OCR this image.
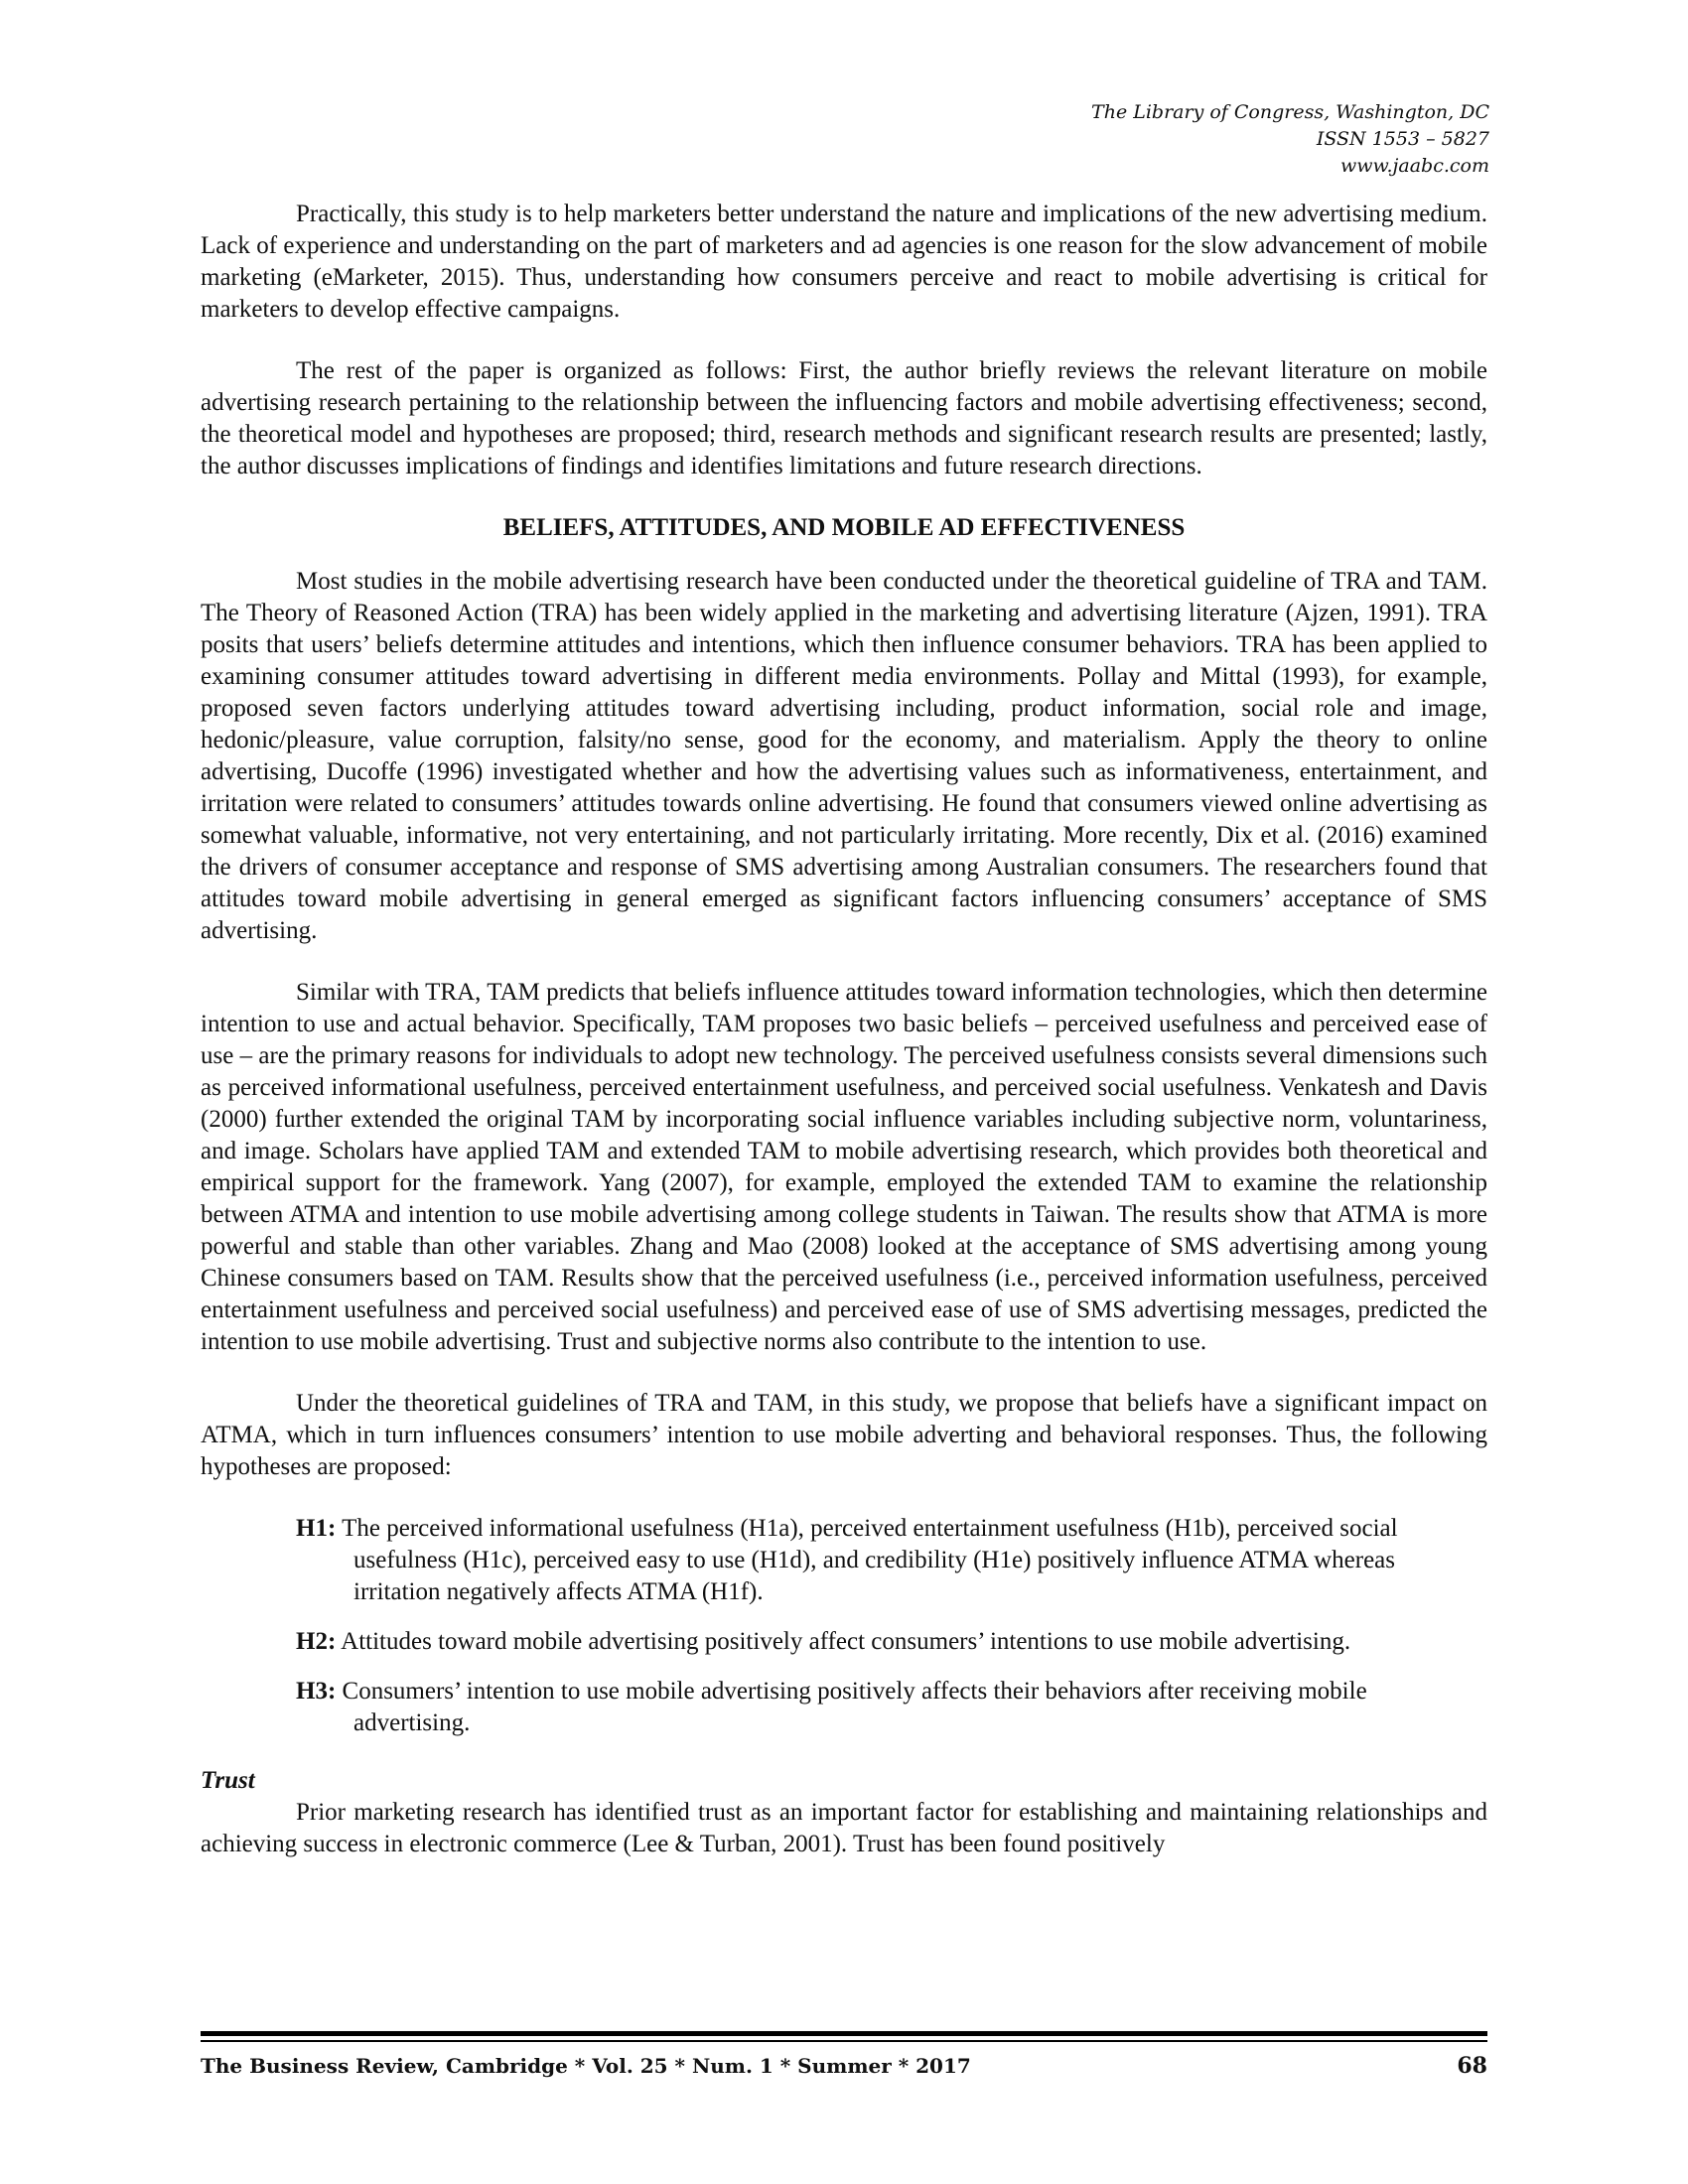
The Library of Congress, Washington, DC
ISSN 1553 – 5827
www.jaabc.com

Practically, this study is to help marketers better understand the nature and implications of the new advertising medium. Lack of experience and understanding on the part of marketers and ad agencies is one reason for the slow advancement of mobile marketing (eMarketer, 2015). Thus, understanding how consumers perceive and react to mobile advertising is critical for marketers to develop effective campaigns.

The rest of the paper is organized as follows: First, the author briefly reviews the relevant literature on mobile advertising research pertaining to the relationship between the influencing factors and mobile advertising effectiveness; second, the theoretical model and hypotheses are proposed; third, research methods and significant research results are presented; lastly, the author discusses implications of findings and identifies limitations and future research directions.

BELIEFS, ATTITUDES, AND MOBILE AD EFFECTIVENESS

Most studies in the mobile advertising research have been conducted under the theoretical guideline of TRA and TAM. The Theory of Reasoned Action (TRA) has been widely applied in the marketing and advertising literature (Ajzen, 1991). TRA posits that users’ beliefs determine attitudes and intentions, which then influence consumer behaviors. TRA has been applied to examining consumer attitudes toward advertising in different media environments. Pollay and Mittal (1993), for example, proposed seven factors underlying attitudes toward advertising including, product information, social role and image, hedonic/pleasure, value corruption, falsity/no sense, good for the economy, and materialism. Apply the theory to online advertising, Ducoffe (1996) investigated whether and how the advertising values such as informativeness, entertainment, and irritation were related to consumers’ attitudes towards online advertising. He found that consumers viewed online advertising as somewhat valuable, informative, not very entertaining, and not particularly irritating. More recently, Dix et al. (2016) examined the drivers of consumer acceptance and response of SMS advertising among Australian consumers. The researchers found that attitudes toward mobile advertising in general emerged as significant factors influencing consumers’ acceptance of SMS advertising.

Similar with TRA, TAM predicts that beliefs influence attitudes toward information technologies, which then determine intention to use and actual behavior. Specifically, TAM proposes two basic beliefs – perceived usefulness and perceived ease of use – are the primary reasons for individuals to adopt new technology. The perceived usefulness consists several dimensions such as perceived informational usefulness, perceived entertainment usefulness, and perceived social usefulness. Venkatesh and Davis (2000) further extended the original TAM by incorporating social influence variables including subjective norm, voluntariness, and image. Scholars have applied TAM and extended TAM to mobile advertising research, which provides both theoretical and empirical support for the framework. Yang (2007), for example, employed the extended TAM to examine the relationship between ATMA and intention to use mobile advertising among college students in Taiwan. The results show that ATMA is more powerful and stable than other variables. Zhang and Mao (2008) looked at the acceptance of SMS advertising among young Chinese consumers based on TAM. Results show that the perceived usefulness (i.e., perceived information usefulness, perceived entertainment usefulness and perceived social usefulness) and perceived ease of use of SMS advertising messages, predicted the intention to use mobile advertising. Trust and subjective norms also contribute to the intention to use.

Under the theoretical guidelines of TRA and TAM, in this study, we propose that beliefs have a significant impact on ATMA, which in turn influences consumers’ intention to use mobile adverting and behavioral responses. Thus, the following hypotheses are proposed:

H1: The perceived informational usefulness (H1a), perceived entertainment usefulness (H1b), perceived social usefulness (H1c), perceived easy to use (H1d), and credibility (H1e) positively influence ATMA whereas irritation negatively affects ATMA (H1f).
H2: Attitudes toward mobile advertising positively affect consumers’ intentions to use mobile advertising.
H3: Consumers’ intention to use mobile advertising positively affects their behaviors after receiving mobile advertising.
Trust

Prior marketing research has identified trust as an important factor for establishing and maintaining relationships and achieving success in electronic commerce (Lee & Turban, 2001). Trust has been found positively

The Business Review, Cambridge * Vol. 25 * Num. 1 * Summer * 2017	68
